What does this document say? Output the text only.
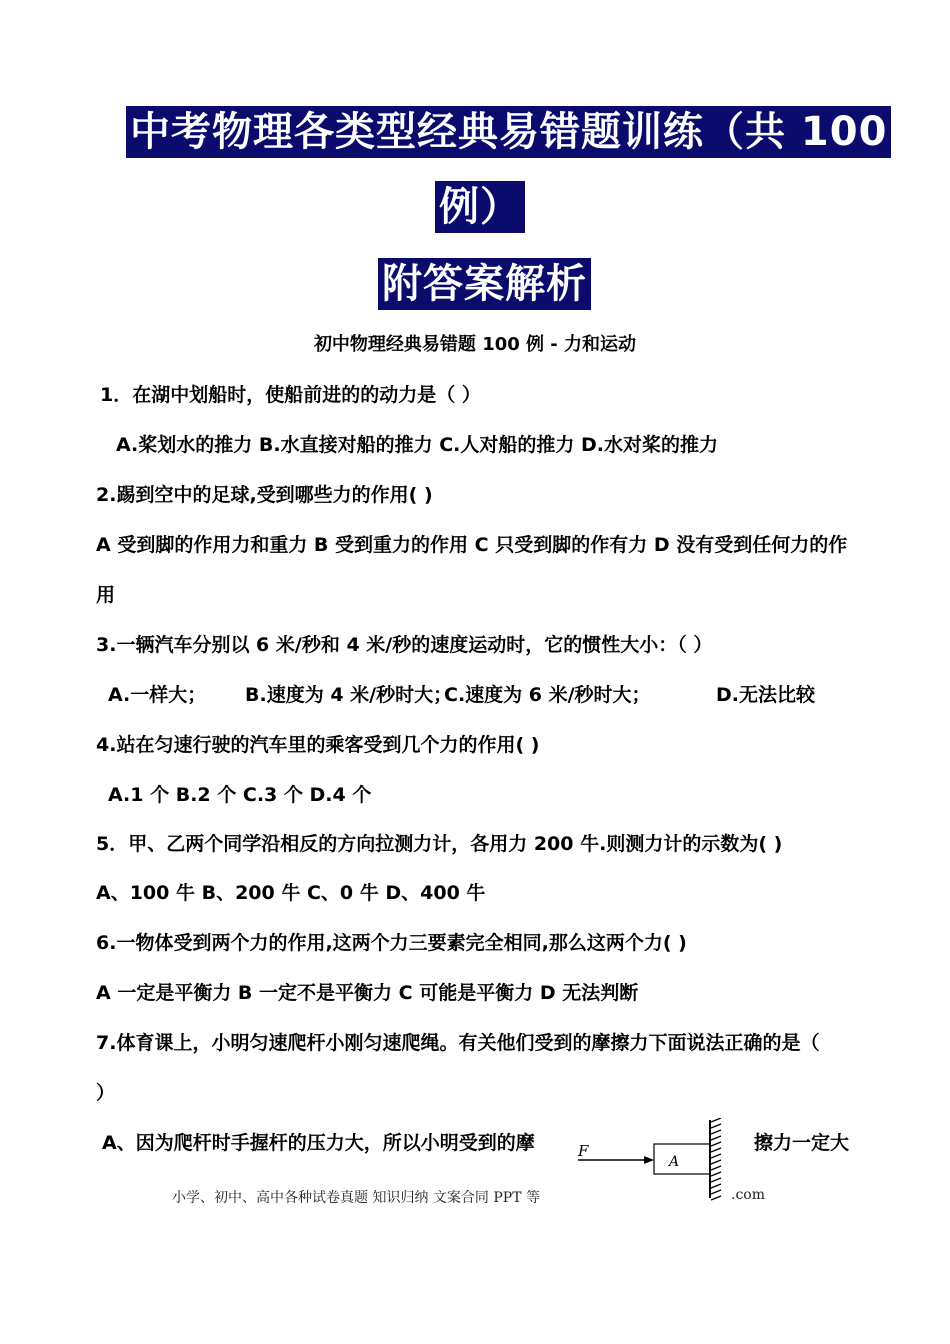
中考物理各类型经典易错题训练（共 100
例）
附答案解析
初中物理经典易错题 100 例 - 力和运动
1．在湖中划船时，使船前进的的动力是（ ）
A.桨划水的推力 B.水直接对船的推力 C.人对船的推力 D.水对桨的推力
2.踢到空中的足球,受到哪些力的作用( )
A 受到脚的作用力和重力 B 受到重力的作用 C 只受到脚的作有力 D 没有受到任何力的作
用
3.一辆汽车分别以 6 米/秒和 4 米/秒的速度运动时，它的惯性大小：（ ）
A.一样大； B.速度为 4 米/秒时大；
C.速度为 6 米/秒时大；	D.无法比较
4.站在匀速行驶的汽车里的乘客受到几个力的作用( )
A.1 个 B.2 个 C.3 个 D.4 个
5．甲、乙两个同学沿相反的方向拉测力计，各用力 200 牛.则测力计的示数为( )
A、100 牛 B、200 牛 C、0 牛 D、400 牛
6.一物体受到两个力的作用,这两个力三要素完全相同,那么这两个力( )
A 一定是平衡力 B 一定不是平衡力 C 可能是平衡力 D 无法判断
7.体育课上，小明匀速爬杆小刚匀速爬绳。有关他们受到的摩擦力下面说法正确的是（
）
A、因为爬杆时手握杆的压力大，所以小明受到的摩	擦力一定大
小学、初中、高中各种试卷真题 知识归纳 文案合同 PPT 等	.com
F
A
